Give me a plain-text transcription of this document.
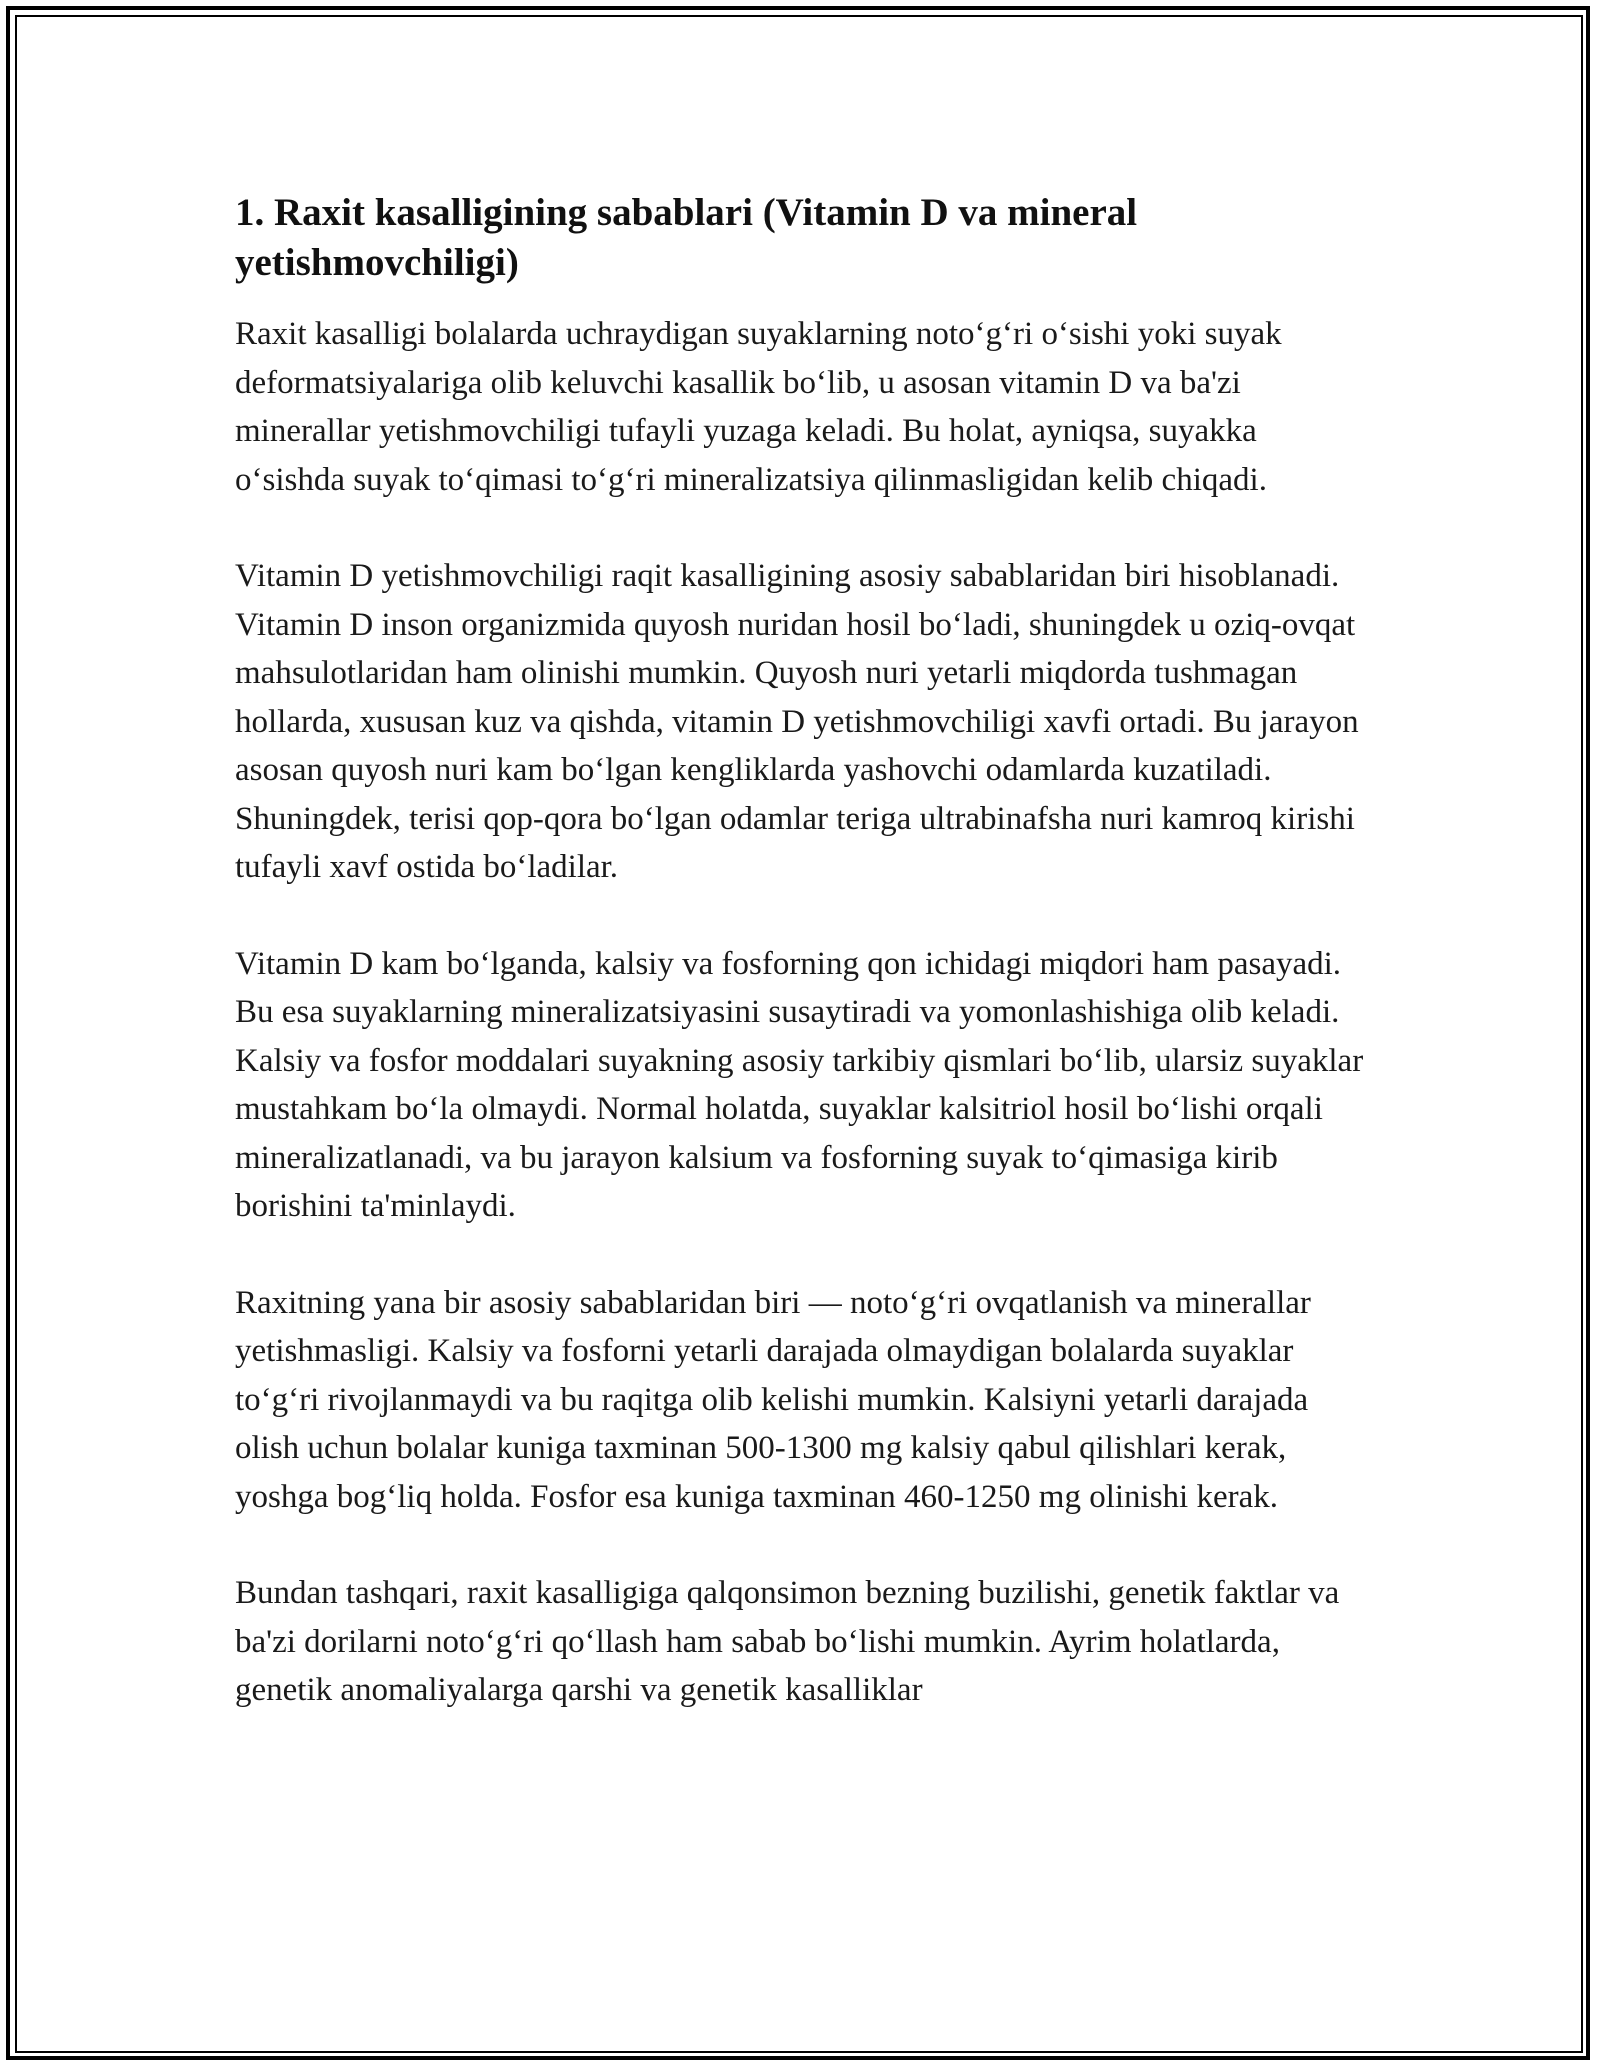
1. Raxit kasalligining sabablari (Vitamin D va mineral yetishmovchiligi)

Raxit kasalligi bolalarda uchraydigan suyaklarning noto‘g‘ri o‘sishi yoki suyak deformatsiyalariga olib keluvchi kasallik bo‘lib, u asosan vitamin D va ba'zi minerallar yetishmovchiligi tufayli yuzaga keladi. Bu holat, ayniqsa, suyakka o‘sishda suyak to‘qimasi to‘g‘ri mineralizatsiya qilinmasligidan kelib chiqadi.

Vitamin D yetishmovchiligi raqit kasalligining asosiy sabablaridan biri hisoblanadi. Vitamin D inson organizmida quyosh nuridan hosil bo‘ladi, shuningdek u oziq-ovqat mahsulotlaridan ham olinishi mumkin. Quyosh nuri yetarli miqdorda tushmagan hollarda, xususan kuz va qishda, vitamin D yetishmovchiligi xavfi ortadi. Bu jarayon asosan quyosh nuri kam bo‘lgan kengliklarda yashovchi odamlarda kuzatiladi. Shuningdek, terisi qop-qora bo‘lgan odamlar teriga ultrabinafsha nuri kamroq kirishi tufayli xavf ostida bo‘ladilar.

Vitamin D kam bo‘lganda, kalsiy va fosforning qon ichidagi miqdori ham pasayadi. Bu esa suyaklarning mineralizatsiyasini susaytiradi va yomonlashishiga olib keladi. Kalsiy va fosfor moddalari suyakning asosiy tarkibiy qismlari bo‘lib, ularsiz suyaklar mustahkam bo‘la olmaydi. Normal holatda, suyaklar kalsitriol hosil bo‘lishi orqali mineralizatlanadi, va bu jarayon kalsium va fosforning suyak to‘qimasiga kirib borishini ta'minlaydi.

Raxitning yana bir asosiy sabablaridan biri — noto‘g‘ri ovqatlanish va minerallar yetishmasligi. Kalsiy va fosforni yetarli darajada olmaydigan bolalarda suyaklar to‘g‘ri rivojlanmaydi va bu raqitga olib kelishi mumkin. Kalsiyni yetarli darajada olish uchun bolalar kuniga taxminan 500-1300 mg kalsiy qabul qilishlari kerak, yoshga bog‘liq holda. Fosfor esa kuniga taxminan 460-1250 mg olinishi kerak.

Bundan tashqari, raxit kasalligiga qalqonsimon bezning buzilishi, genetik faktlar va ba'zi dorilarni noto‘g‘ri qo‘llash ham sabab bo‘lishi mumkin. Ayrim holatlarda, genetik anomaliyalarga qarshi va genetik kasalliklar
